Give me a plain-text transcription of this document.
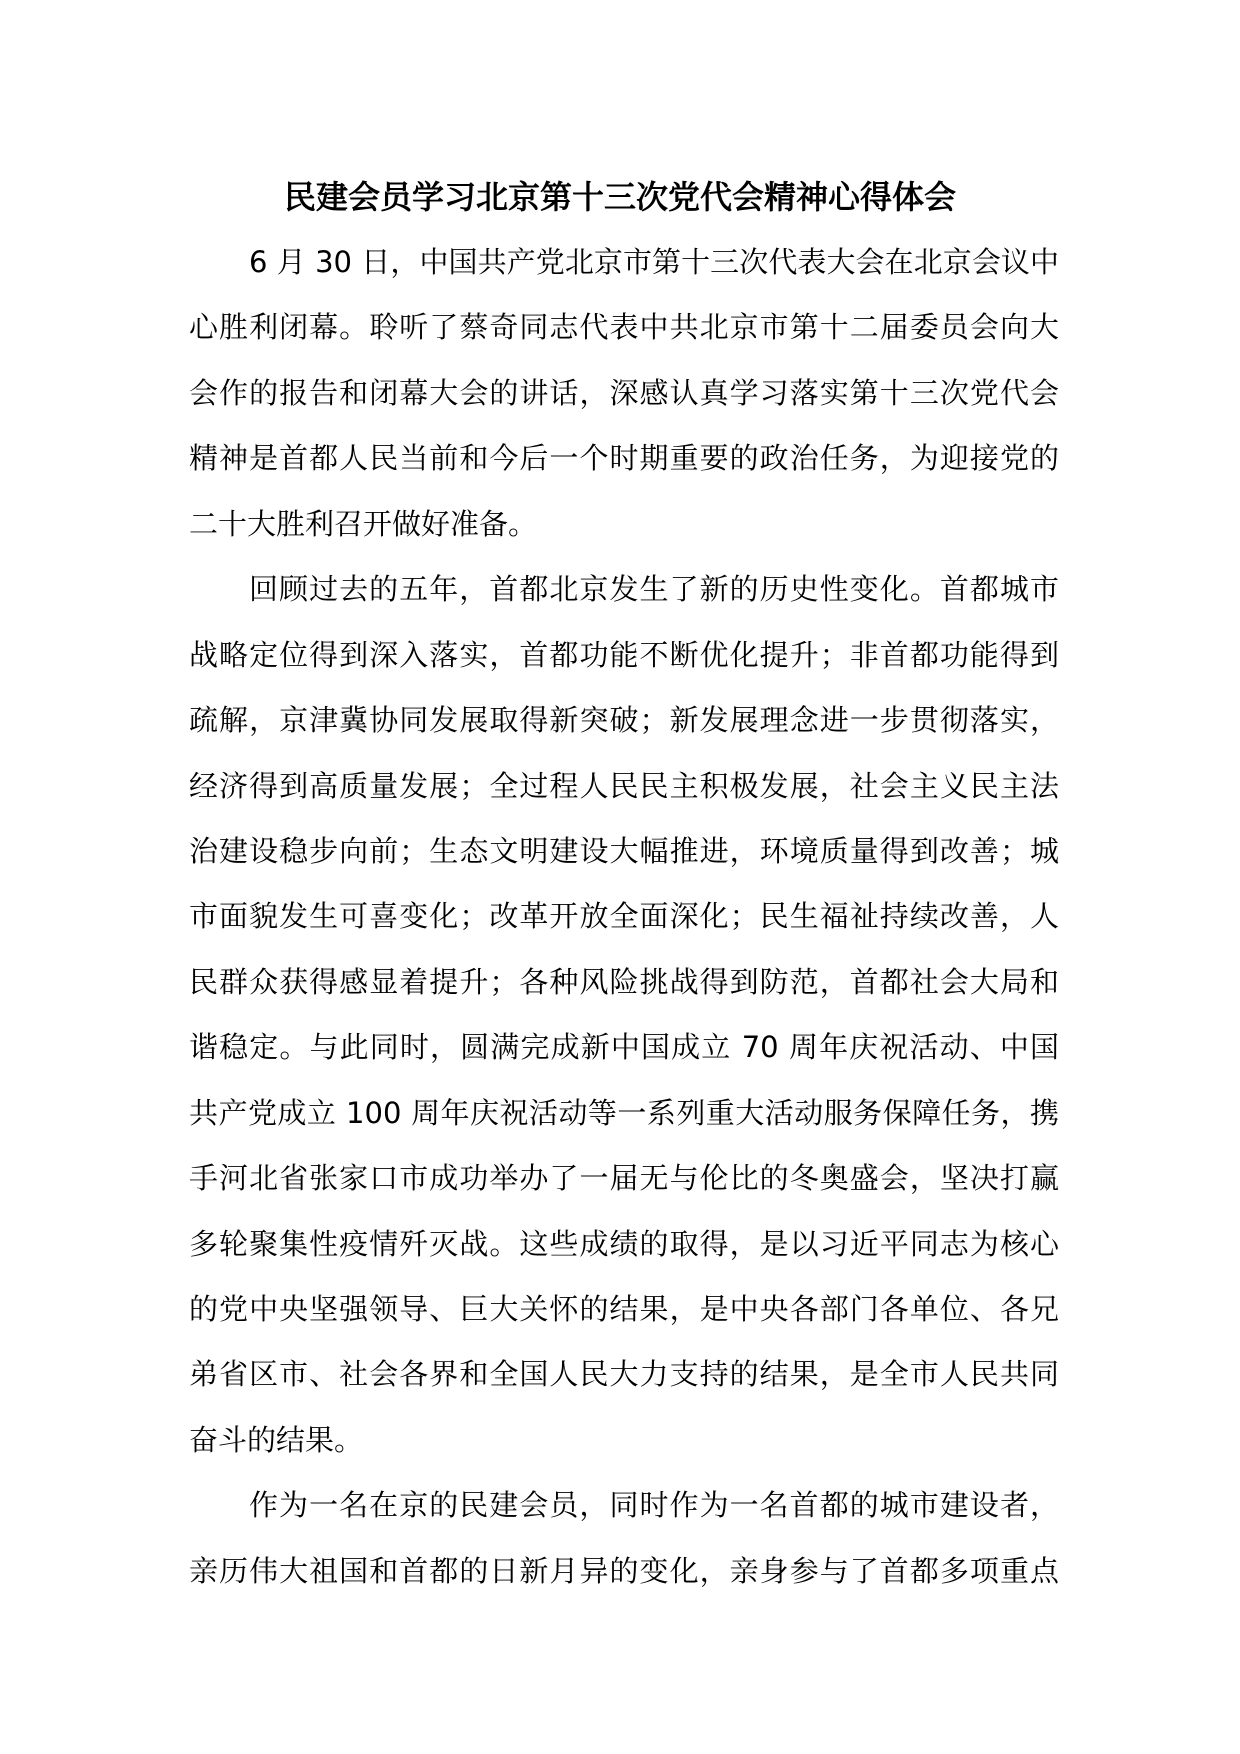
民建会员学习北京第十三次党代会精神心得体会
6 月 30 日，中国共产党北京市第十三次代表大会在北京会议中
心胜利闭幕。聆听了蔡奇同志代表中共北京市第十二届委员会向大
会作的报告和闭幕大会的讲话，深感认真学习落实第十三次党代会
精神是首都人民当前和今后一个时期重要的政治任务，为迎接党的
二十大胜利召开做好准备。
回顾过去的五年，首都北京发生了新的历史性变化。首都城市
战略定位得到深入落实，首都功能不断优化提升；非首都功能得到
疏解，京津冀协同发展取得新突破；新发展理念进一步贯彻落实，
经济得到高质量发展；全过程人民民主积极发展，社会主义民主法
治建设稳步向前；生态文明建设大幅推进，环境质量得到改善；城
市面貌发生可喜变化；改革开放全面深化；民生福祉持续改善，人
民群众获得感显着提升；各种风险挑战得到防范，首都社会大局和
谐稳定。与此同时，圆满完成新中国成立 70 周年庆祝活动、中国
共产党成立 100 周年庆祝活动等一系列重大活动服务保障任务，携
手河北省张家口市成功举办了一届无与伦比的冬奥盛会，坚决打赢
多轮聚集性疫情歼灭战。这些成绩的取得，是以习近平同志为核心
的党中央坚强领导、巨大关怀的结果，是中央各部门各单位、各兄
弟省区市、社会各界和全国人民大力支持的结果，是全市人民共同
奋斗的结果。
作为一名在京的民建会员，同时作为一名首都的城市建设者，
亲历伟大祖国和首都的日新月异的变化，亲身参与了首都多项重点
